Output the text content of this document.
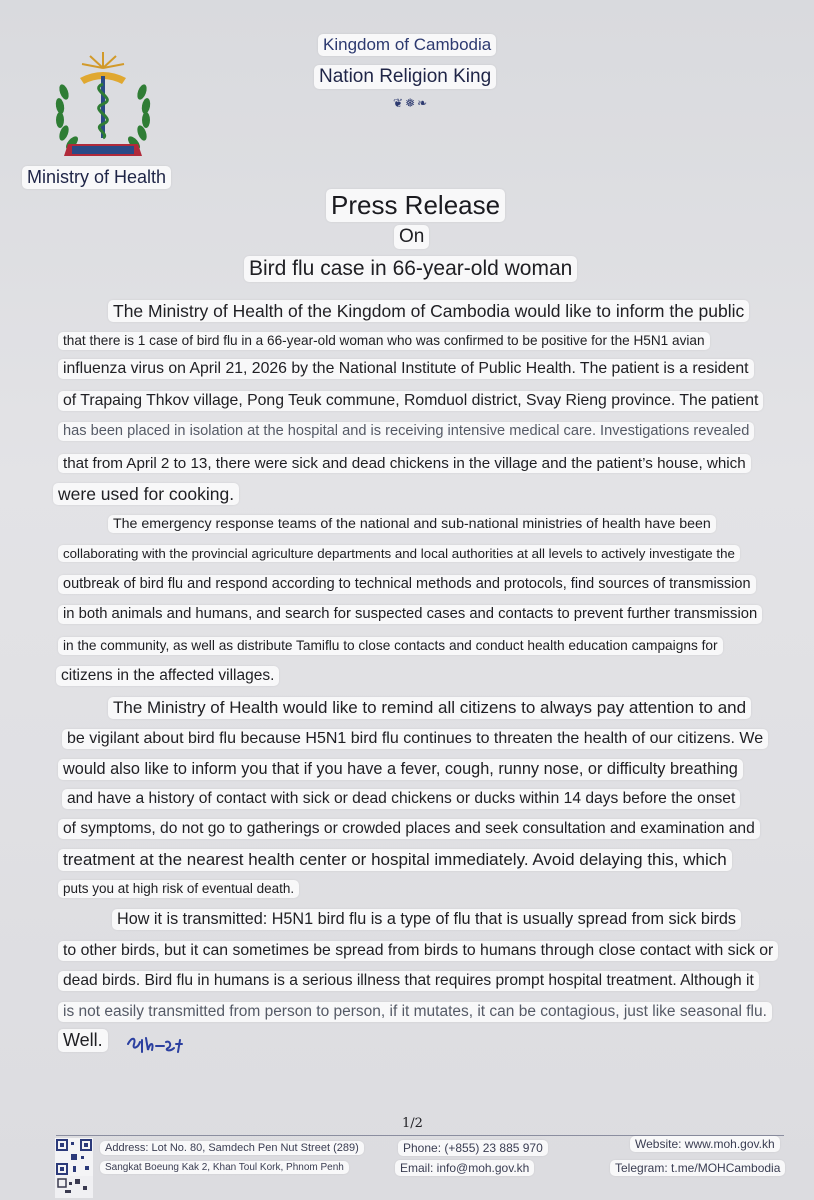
Kingdom of Cambodia
Nation Religion King
❦❅❧
Ministry of Health
Press Release
On
Bird flu case in 66-year-old woman
The Ministry of Health of the Kingdom of Cambodia would like to inform the public
that there is 1 case of bird flu in a 66-year-old woman who was confirmed to be positive for the H5N1 avian
influenza virus on April 21, 2026 by the National Institute of Public Health. The patient is a resident
of Trapaing Thkov village, Pong Teuk commune, Romduol district, Svay Rieng province. The patient
has been placed in isolation at the hospital and is receiving intensive medical care. Investigations revealed
that from April 2 to 13, there were sick and dead chickens in the village and the patient’s house, which
were used for cooking.
The emergency response teams of the national and sub-national ministries of health have been
collaborating with the provincial agriculture departments and local authorities at all levels to actively investigate the
outbreak of bird flu and respond according to technical methods and protocols, find sources of transmission
in both animals and humans, and search for suspected cases and contacts to prevent further transmission
in the community, as well as distribute Tamiflu to close contacts and conduct health education campaigns for
citizens in the affected villages.
The Ministry of Health would like to remind all citizens to always pay attention to and
be vigilant about bird flu because H5N1 bird flu continues to threaten the health of our citizens. We
would also like to inform you that if you have a fever, cough, runny nose, or difficulty breathing
and have a history of contact with sick or dead chickens or ducks within 14 days before the onset
of symptoms, do not go to gatherings or crowded places and seek consultation and examination and
treatment at the nearest health center or hospital immediately. Avoid delaying this, which
puts you at high risk of eventual death.
How it is transmitted: H5N1 bird flu is a type of flu that is usually spread from sick birds
to other birds, but it can sometimes be spread from birds to humans through close contact with sick or
dead birds. Bird flu in humans is a serious illness that requires prompt hospital treatment. Although it
is not easily transmitted from person to person, if it mutates, it can be contagious, just like seasonal flu.
Well.
1/2
Address: Lot No. 80, Samdech Pen Nut Street (289)
Sangkat Boeung Kak 2, Khan Toul Kork, Phnom Penh
Phone: (+855) 23 885 970
Email: info@moh.gov.kh
Website: www.moh.gov.kh
Telegram: t.me/MOHCambodia
